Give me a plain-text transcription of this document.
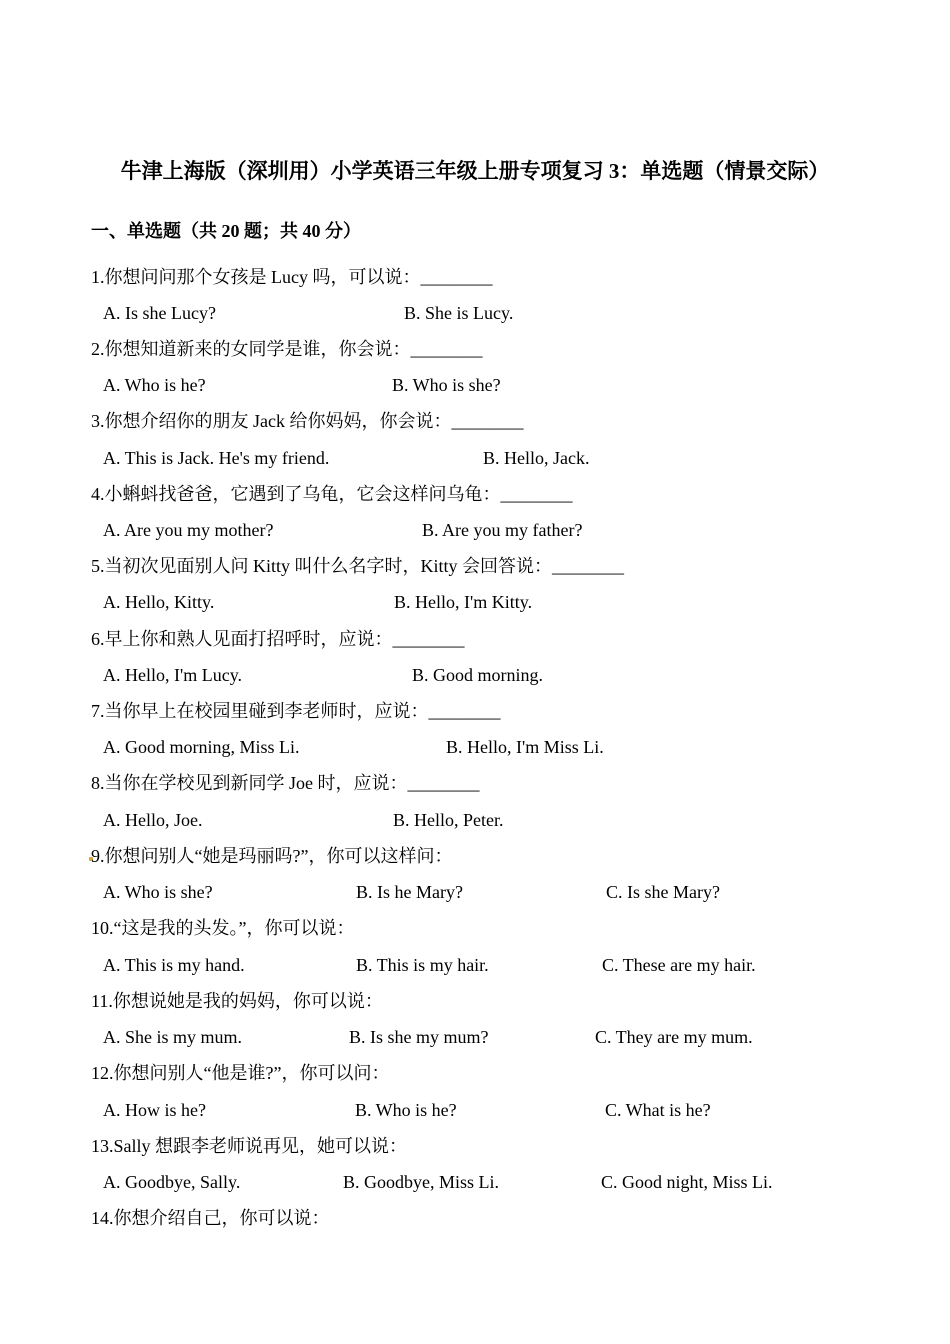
牛津上海版（深圳用）小学英语三年级上册专项复习 3：单选题（情景交际）
一、单选题（共 20 题；共 40 分）
1.你想问问那个女孩是 Lucy 吗，可以说：________
A. Is she Lucy?	B. She is Lucy.
2.你想知道新来的女同学是谁，你会说：________
A. Who is he?	B. Who is she?
3.你想介绍你的朋友 Jack 给你妈妈，你会说：________
A. This is Jack. He's my friend.	B. Hello, Jack.
4.小蝌蚪找爸爸，它遇到了乌龟，它会这样问乌龟：________
A. Are you my mother?	B. Are you my father?
5.当初次见面别人问 Kitty 叫什么名字时，Kitty 会回答说：________
A. Hello, Kitty.	B. Hello, I'm Kitty.
6.早上你和熟人见面打招呼时，应说：________
A. Hello, I'm Lucy.	B. Good morning.
7.当你早上在校园里碰到李老师时，应说：________
A. Good morning, Miss Li.	B. Hello, I'm Miss Li.
8.当你在学校见到新同学 Joe 时，应说：________
A. Hello, Joe.	B. Hello, Peter.
9.你想问别人“她是玛丽吗?”，你可以这样问：
A. Who is she?	B. Is he Mary?	C. Is she Mary?
10.“这是我的头发。”，你可以说：
A. This is my hand.	B. This is my hair.	C. These are my hair.
11.你想说她是我的妈妈，你可以说：
A. She is my mum.	B. Is she my mum?	C. They are my mum.
12.你想问别人“他是谁?”，你可以问：
A. How is he?	B. Who is he?	C. What is he?
13.Sally 想跟李老师说再见，她可以说：
A. Goodbye, Sally.	B. Goodbye, Miss Li.	C. Good night, Miss Li.
14.你想介绍自己，你可以说：
